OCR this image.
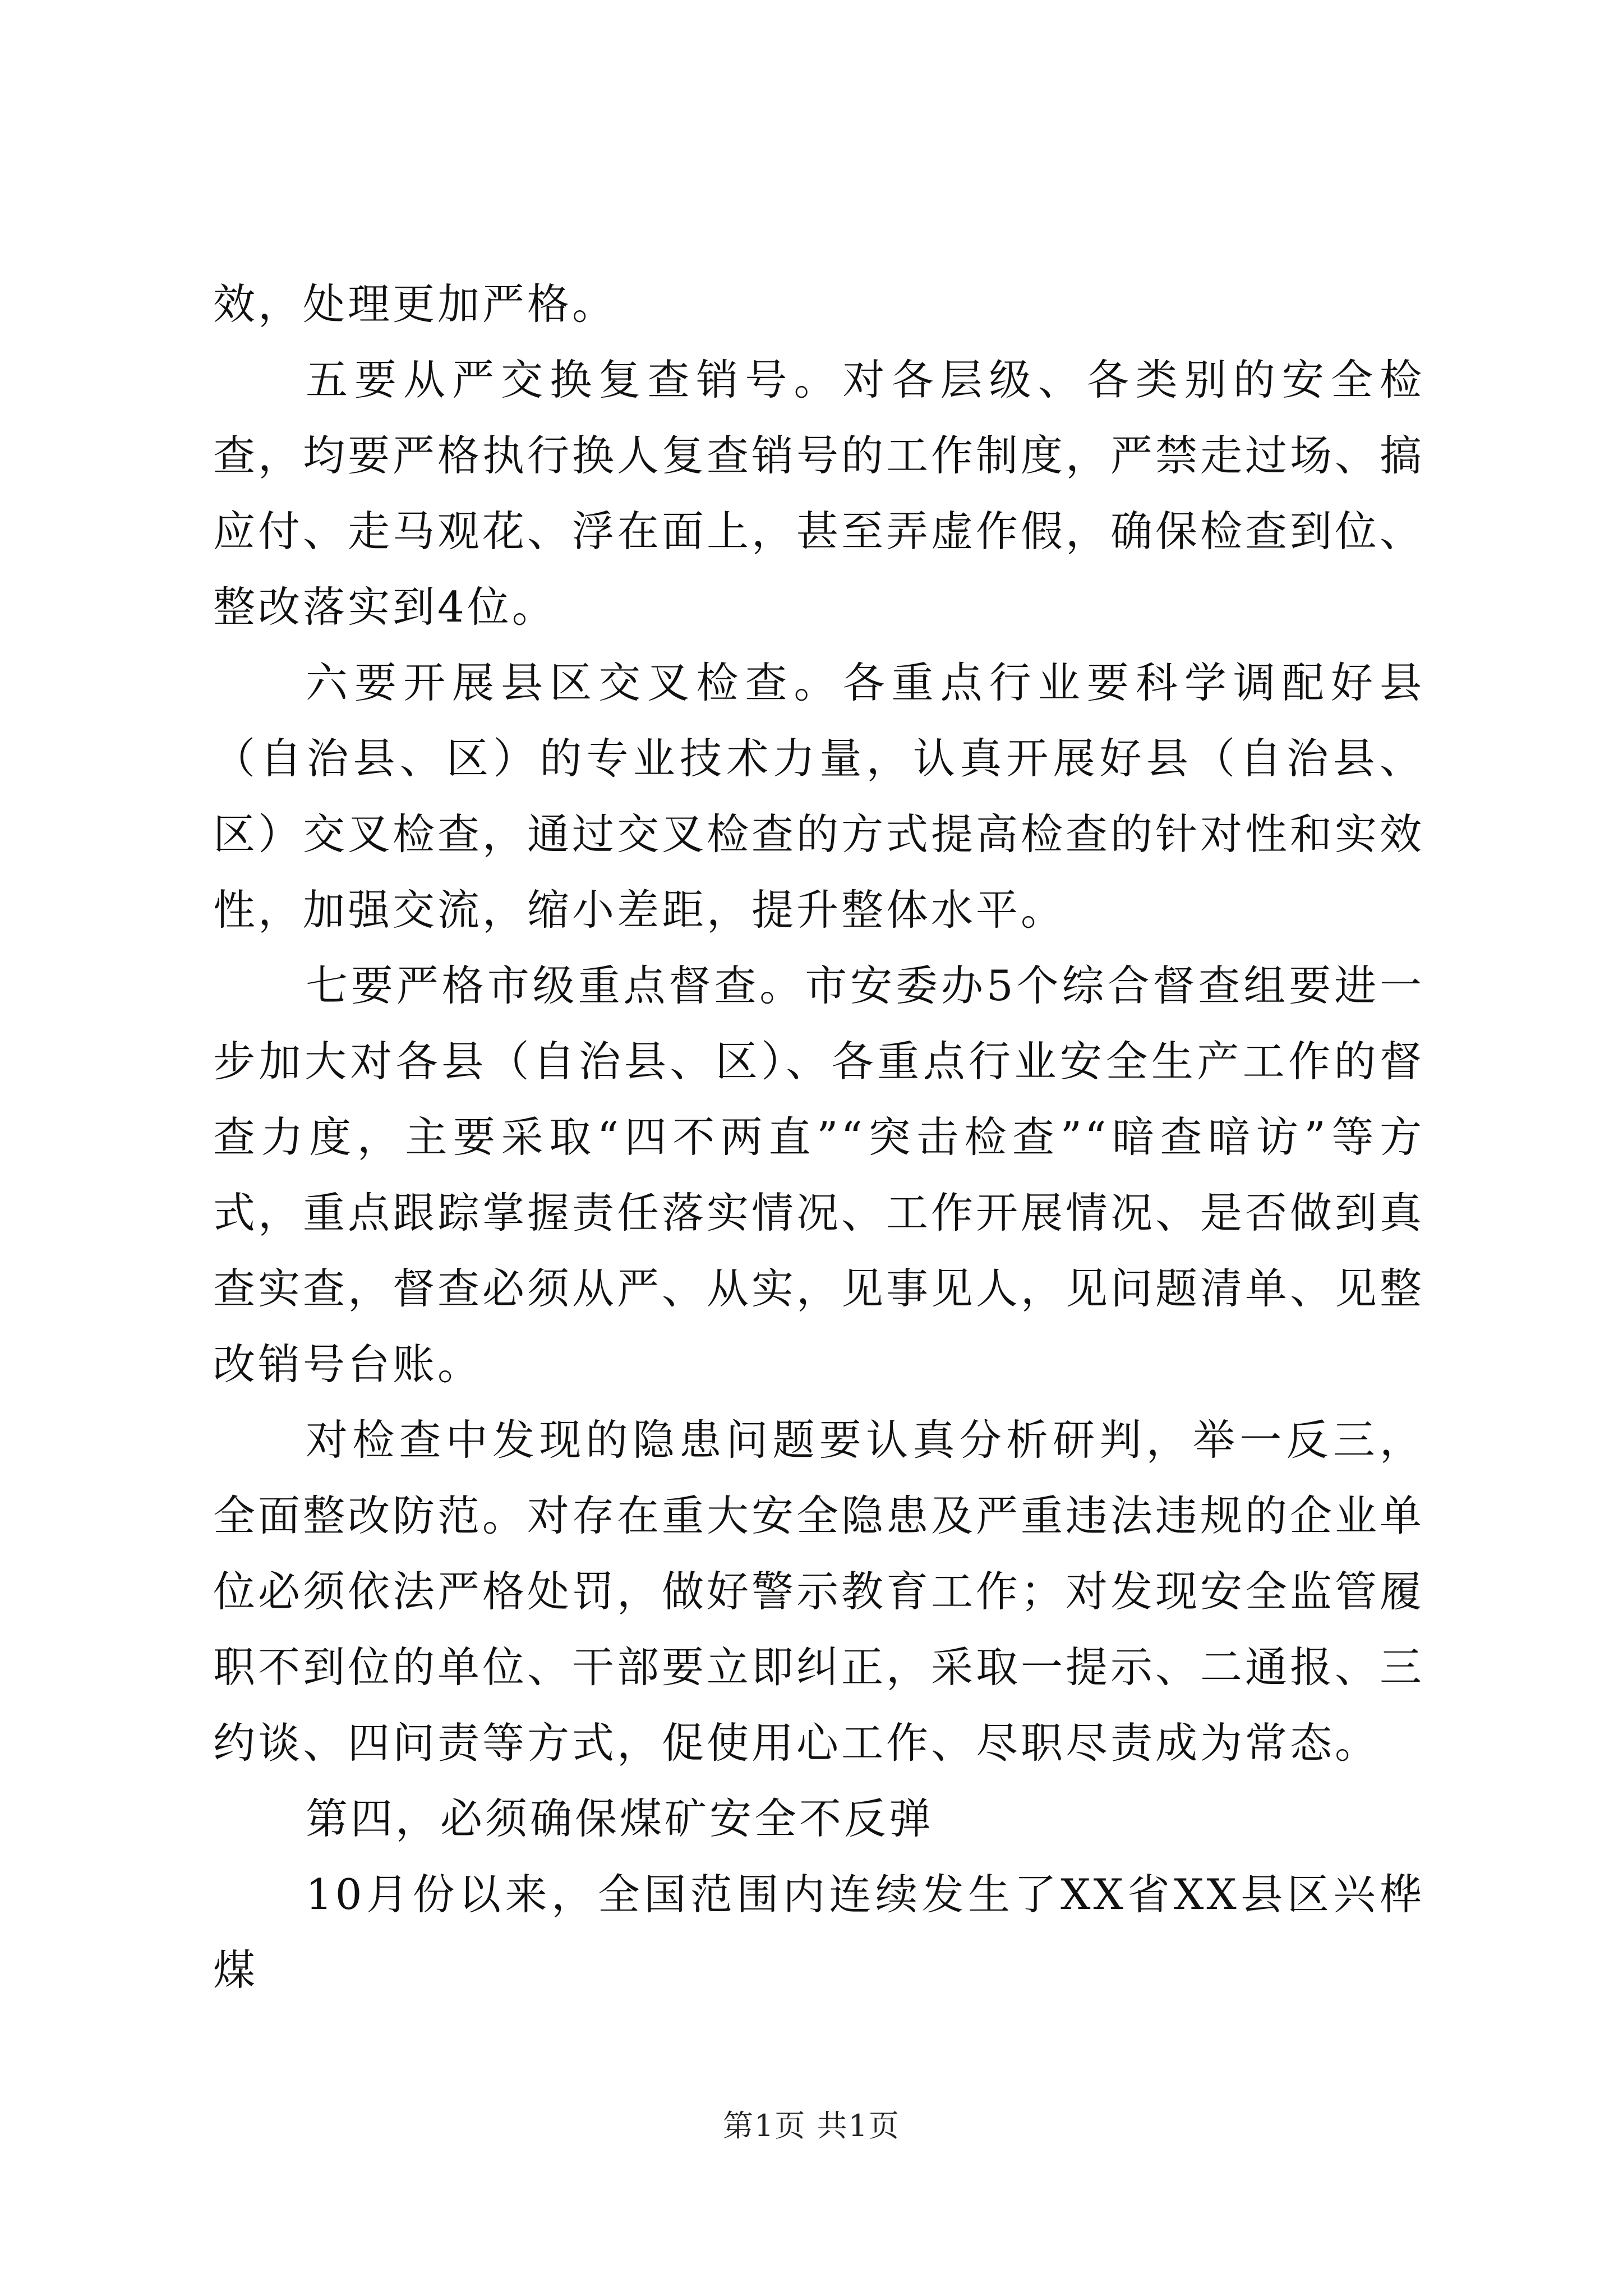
效，处理更加严格。

五要从严交换复查销号。对各层级、各类别的安全检查，均要严格执行换人复查销号的工作制度，严禁走过场、搞应付、走马观花、浮在面上，甚至弄虚作假，确保检查到位、整改落实到4位。

六要开展县区交叉检查。各重点行业要科学调配好县（自治县、区）的专业技术力量，认真开展好县（自治县、区）交叉检查，通过交叉检查的方式提高检查的针对性和实效性，加强交流，缩小差距，提升整体水平。

七要严格市级重点督查。市安委办5个综合督查组要进一步加大对各县（自治县、区）、各重点行业安全生产工作的督查力度，主要采取“四不两直”“突击检查”“暗查暗访”等方式，重点跟踪掌握责任落实情况、工作开展情况、是否做到真查实查，督查必须从严、从实，见事见人，见问题清单、见整改销号台账。

对检查中发现的隐患问题要认真分析研判，举一反三，全面整改防范。对存在重大安全隐患及严重违法违规的企业单位必须依法严格处罚，做好警示教育工作；对发现安全监管履职不到位的单位、干部要立即纠正，采取一提示、二通报、三约谈、四问责等方式，促使用心工作、尽职尽责成为常态。

第四，必须确保煤矿安全不反弹

10月份以来，全国范围内连续发生了XX省XX县区兴桦煤

第1页 共1页
